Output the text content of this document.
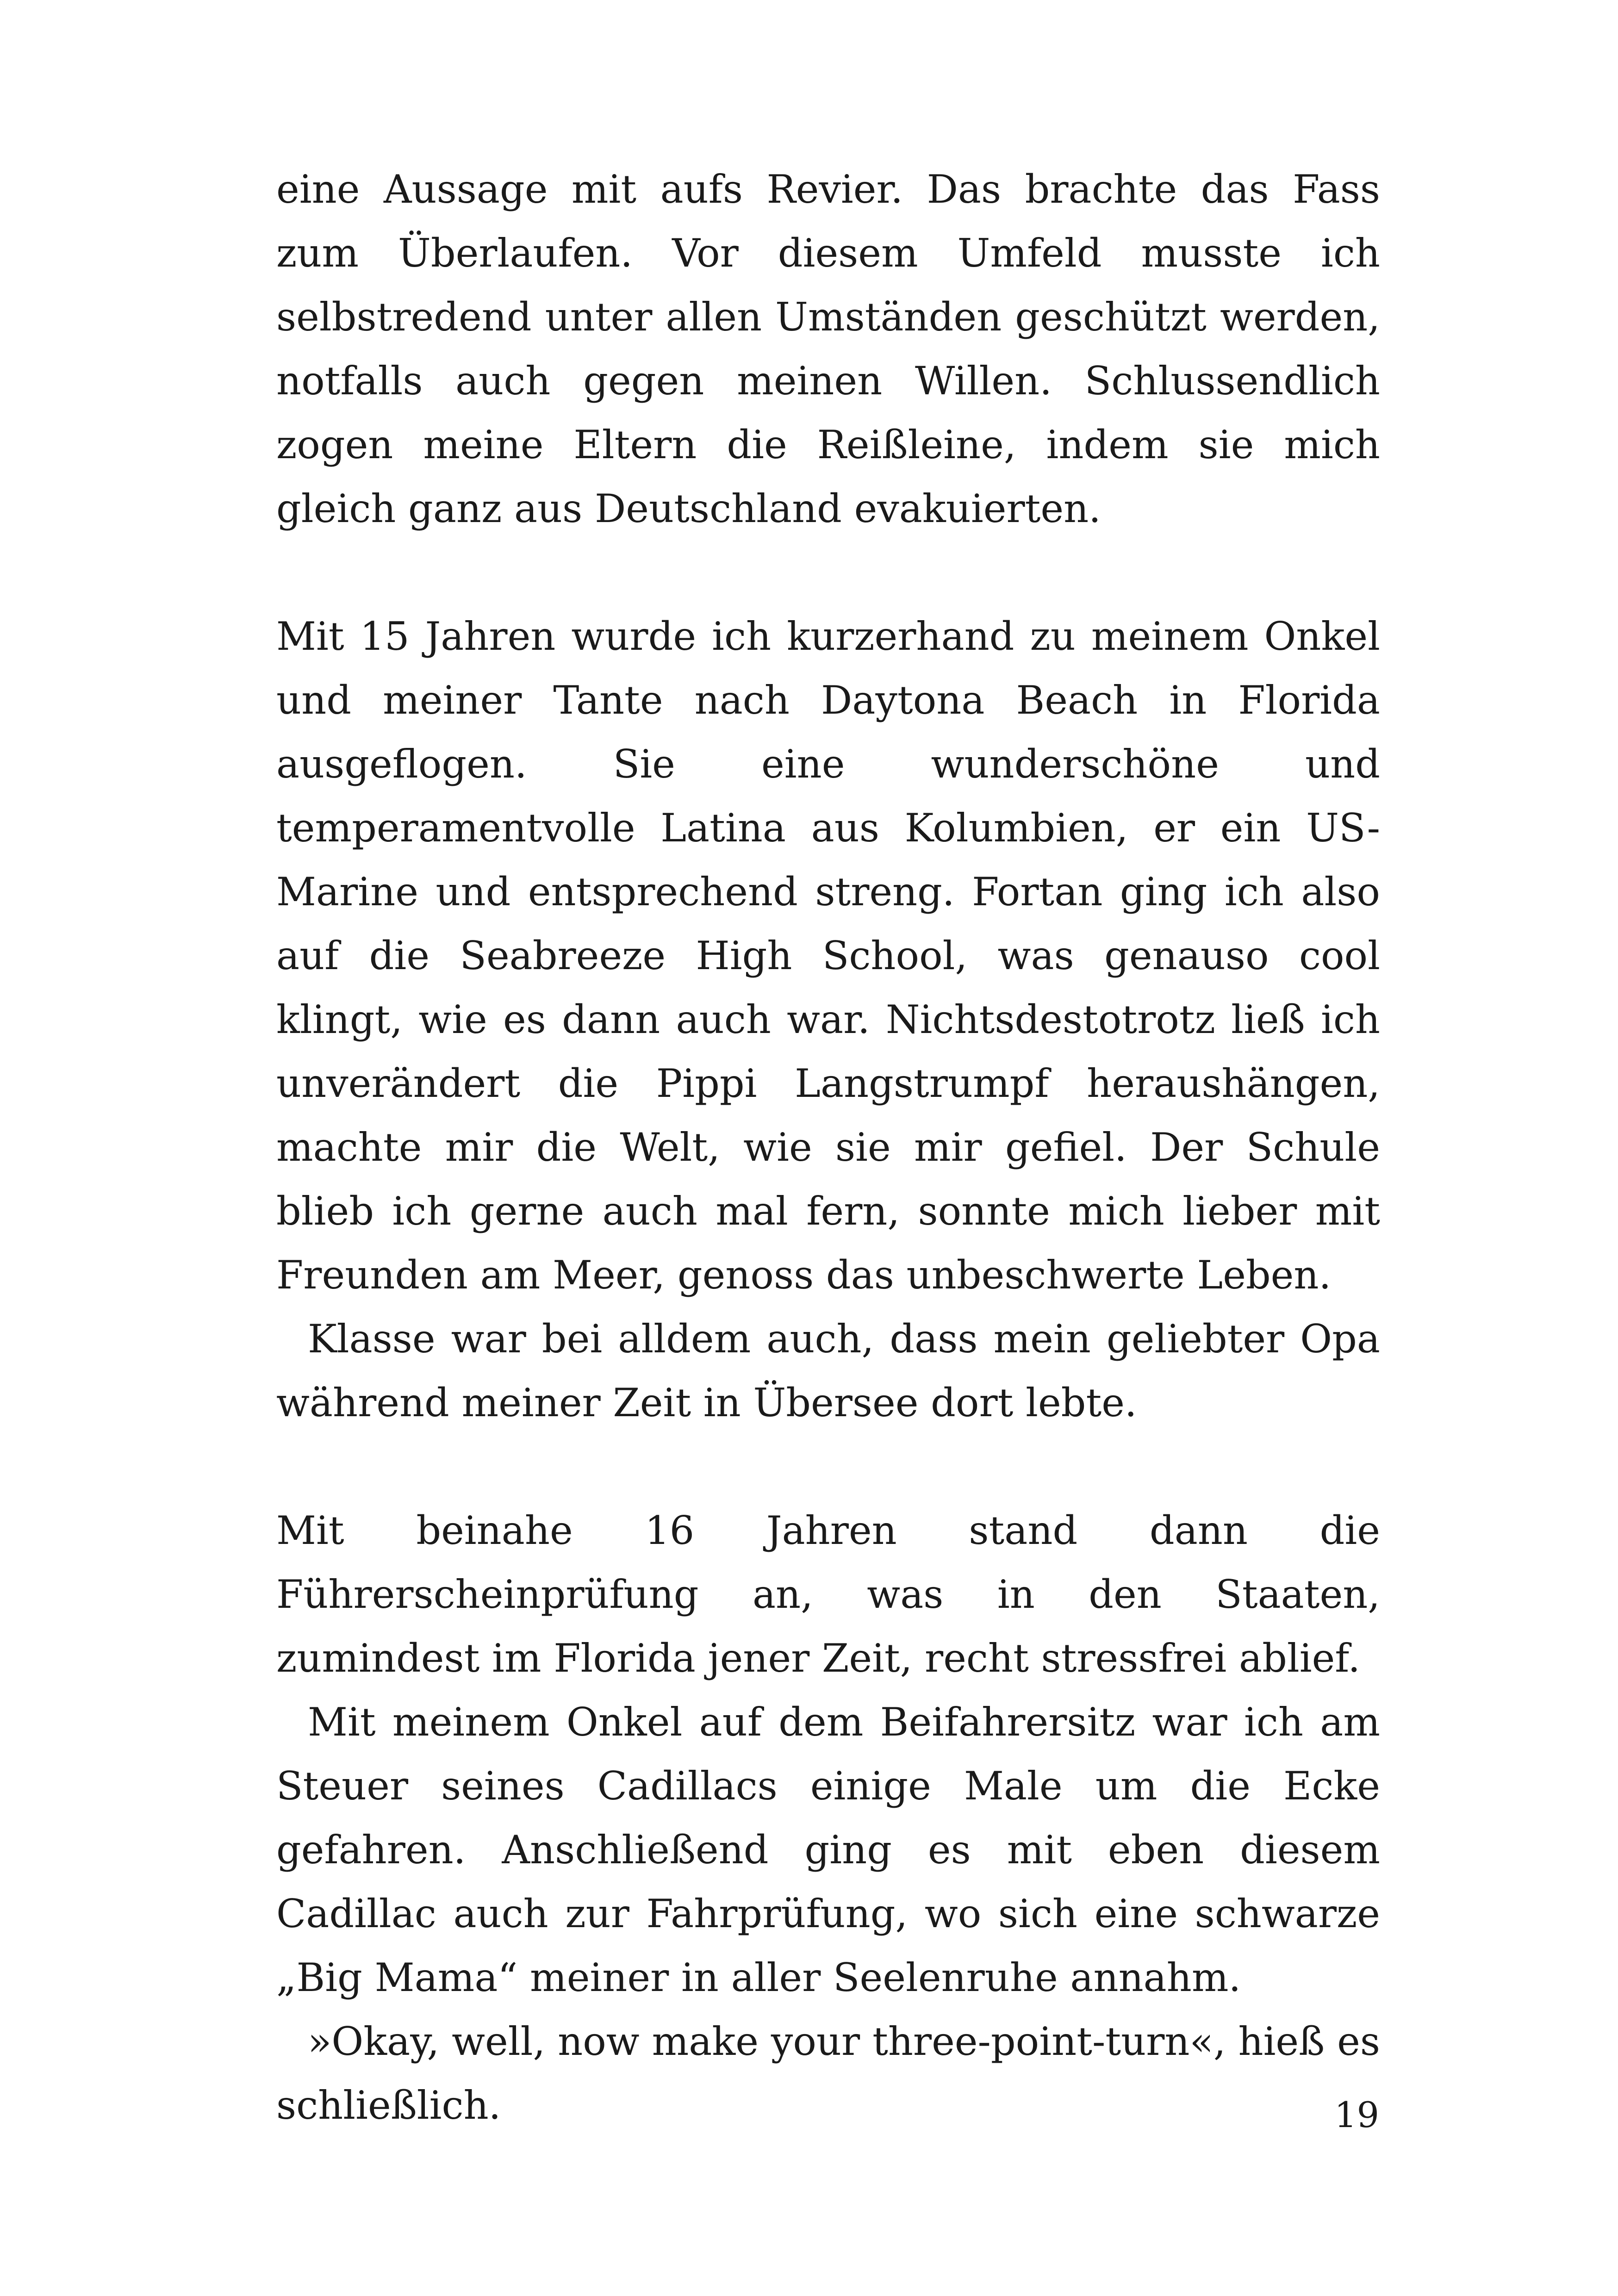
eine Aussage mit aufs Revier. Das brachte das Fass zum Überlaufen. Vor diesem Umfeld musste ich selbstredend unter allen Umständen geschützt werden, notfalls auch gegen meinen Willen. Schlussendlich zogen meine Eltern die Reißleine, indem sie mich gleich ganz aus Deutschland evakuierten.

Mit 15 Jahren wurde ich kurzerhand zu meinem Onkel und meiner Tante nach Daytona Beach in Florida ausgeflogen. Sie eine wunderschöne und temperamentvolle Latina aus Kolumbien, er ein US-Marine und entsprechend streng. Fortan ging ich also auf die Seabreeze High School, was genauso cool klingt, wie es dann auch war. Nichtsdestotrotz ließ ich unverändert die Pippi Langstrumpf heraushängen, machte mir die Welt, wie sie mir gefiel. Der Schule blieb ich gerne auch mal fern, sonnte mich lieber mit Freunden am Meer, genoss das unbeschwerte Leben.

Klasse war bei alldem auch, dass mein geliebter Opa während meiner Zeit in Übersee dort lebte.

Mit beinahe 16 Jahren stand dann die Führerscheinprüfung an, was in den Staaten, zumindest im Florida jener Zeit, recht stressfrei ablief.

Mit meinem Onkel auf dem Beifahrersitz war ich am Steuer seines Cadillacs einige Male um die Ecke gefahren. Anschließend ging es mit eben diesem Cadillac auch zur Fahrprüfung, wo sich eine schwarze „Big Mama“ meiner in aller Seelenruhe annahm.

»Okay, well, now make your three-point-turn«, hieß es schließlich.	19
